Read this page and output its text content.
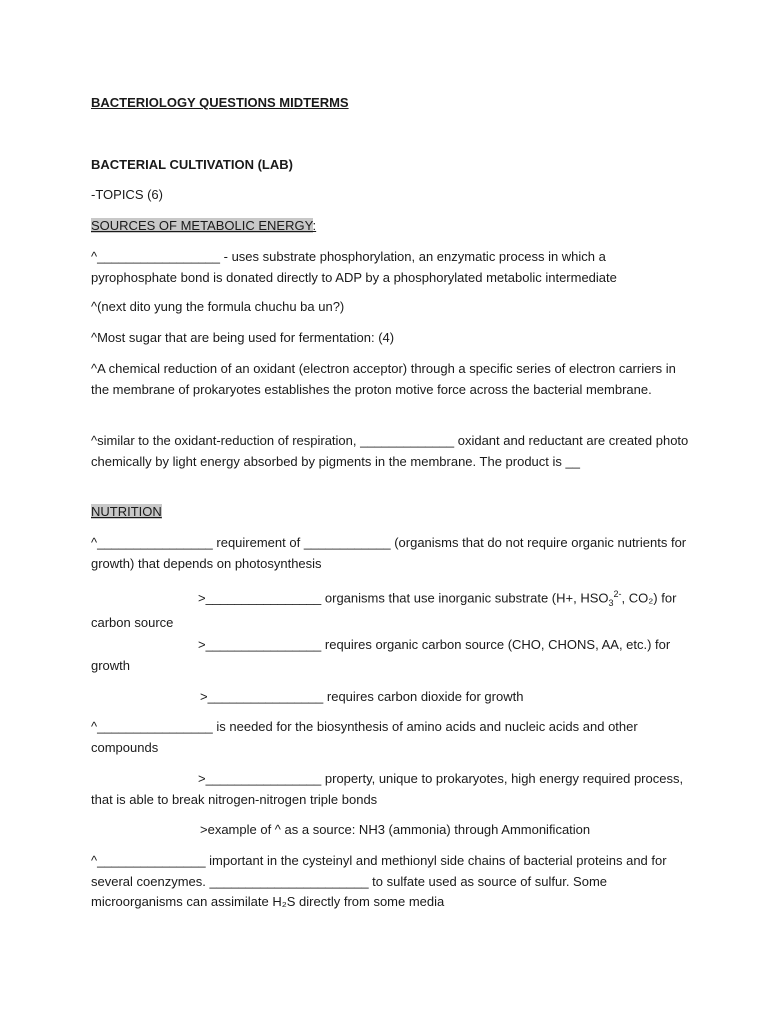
BACTERIOLOGY QUESTIONS MIDTERMS

BACTERIAL CULTIVATION (LAB)

-TOPICS (6)

SOURCES OF METABOLIC ENERGY:

^_________________ - uses substrate phosphorylation, an enzymatic process in which a pyrophosphate bond is donated directly to ADP by a phosphorylated metabolic intermediate

^(next dito yung the formula chuchu ba un?)

^Most sugar that are being used for fermentation: (4)

^A chemical reduction of an oxidant (electron acceptor) through a specific series of electron carriers in the membrane of prokaryotes establishes the proton motive force across the bacterial membrane.

^similar to the oxidant-reduction of respiration, _____________ oxidant and reductant are created photo chemically by light energy absorbed by pigments in the membrane. The product is __

NUTRITION

^________________ requirement of ____________ (organisms that do not require organic nutrients for growth) that depends on photosynthesis

>________________ organisms that use inorganic substrate (H+, $HSO_3^{2-}$, CO₂) for carbon source

>________________ requires organic carbon source (CHO, CHONS, AA, etc.) for growth

>________________ requires carbon dioxide for growth

^________________ is needed for the biosynthesis of amino acids and nucleic acids and other compounds

>________________ property, unique to prokaryotes, high energy required process, that is able to break nitrogen-nitrogen triple bonds

>example of ^ as a source: NH3 (ammonia) through Ammonification

^_______________ important in the cysteinyl and methionyl side chains of bacterial proteins and for several coenzymes. ______________________ to sulfate used as source of sulfur. Some microorganisms can assimilate H₂S directly from some media
